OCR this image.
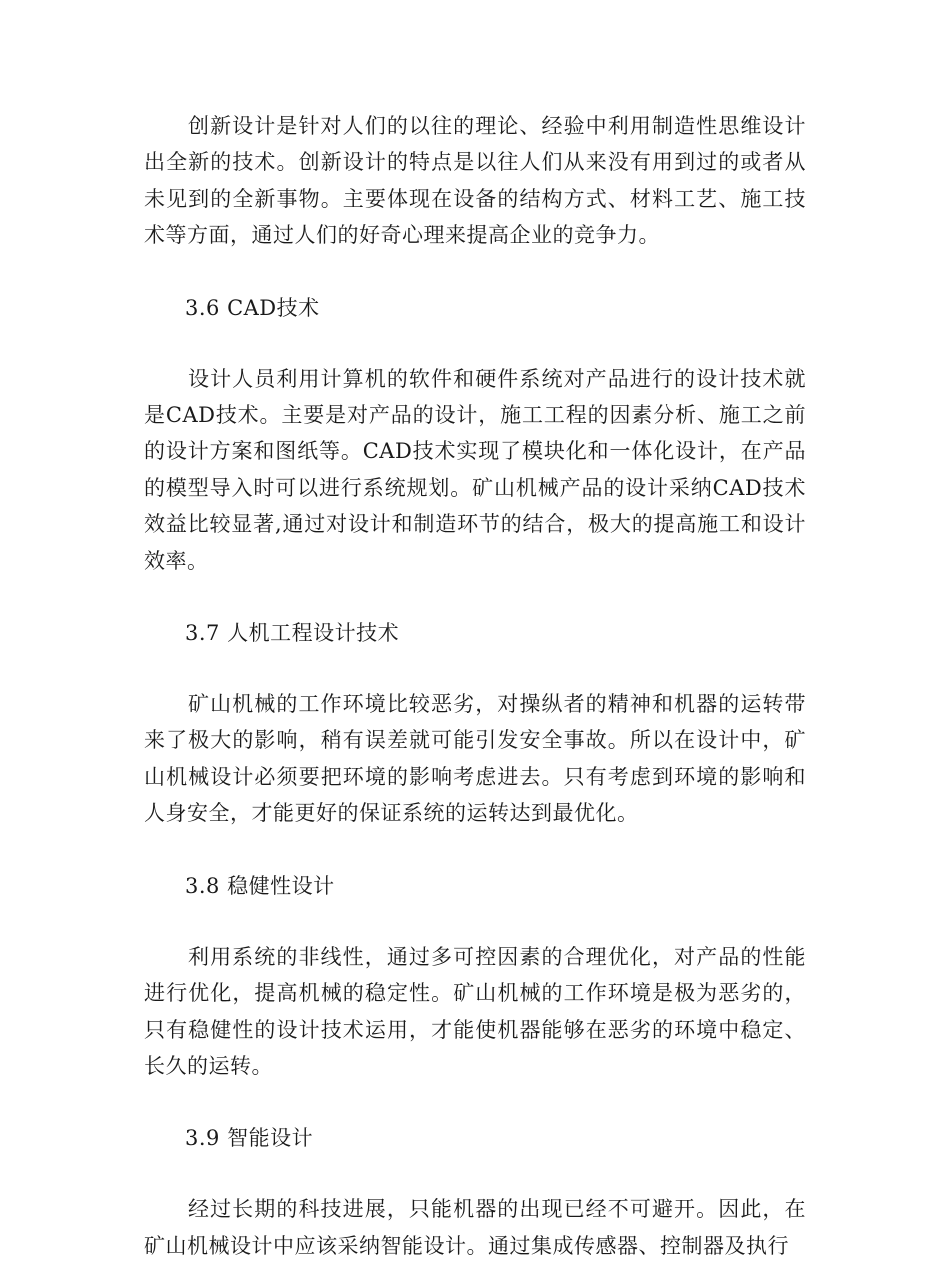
创新设计是针对人们的以往的理论、经验中利用制造性思维设计出全新的技术。创新设计的特点是以往人们从来没有用到过的或者从未见到的全新事物。主要体现在设备的结构方式、材料工艺、施工技术等方面，通过人们的好奇心理来提高企业的竞争力。

3.6 CAD技术

设计人员利用计算机的软件和硬件系统对产品进行的设计技术就是CAD技术。主要是对产品的设计，施工工程的因素分析、施工之前的设计方案和图纸等。CAD技术实现了模块化和一体化设计，在产品的模型导入时可以进行系统规划。矿山机械产品的设计采纳CAD技术效益比较显著,通过对设计和制造环节的结合，极大的提高施工和设计效率。

3.7 人机工程设计技术

矿山机械的工作环境比较恶劣，对操纵者的精神和机器的运转带来了极大的影响，稍有误差就可能引发安全事故。所以在设计中，矿山机械设计必须要把环境的影响考虑进去。只有考虑到环境的影响和人身安全，才能更好的保证系统的运转达到最优化。

3.8 稳健性设计

利用系统的非线性，通过多可控因素的合理优化，对产品的性能进行优化，提高机械的稳定性。矿山机械的工作环境是极为恶劣的，只有稳健性的设计技术运用，才能使机器能够在恶劣的环境中稳定、长久的运转。

3.9 智能设计

经过长期的科技进展，只能机器的出现已经不可避开。因此，在矿山机械设计中应该采纳智能设计。通过集成传感器、控制器及执行
